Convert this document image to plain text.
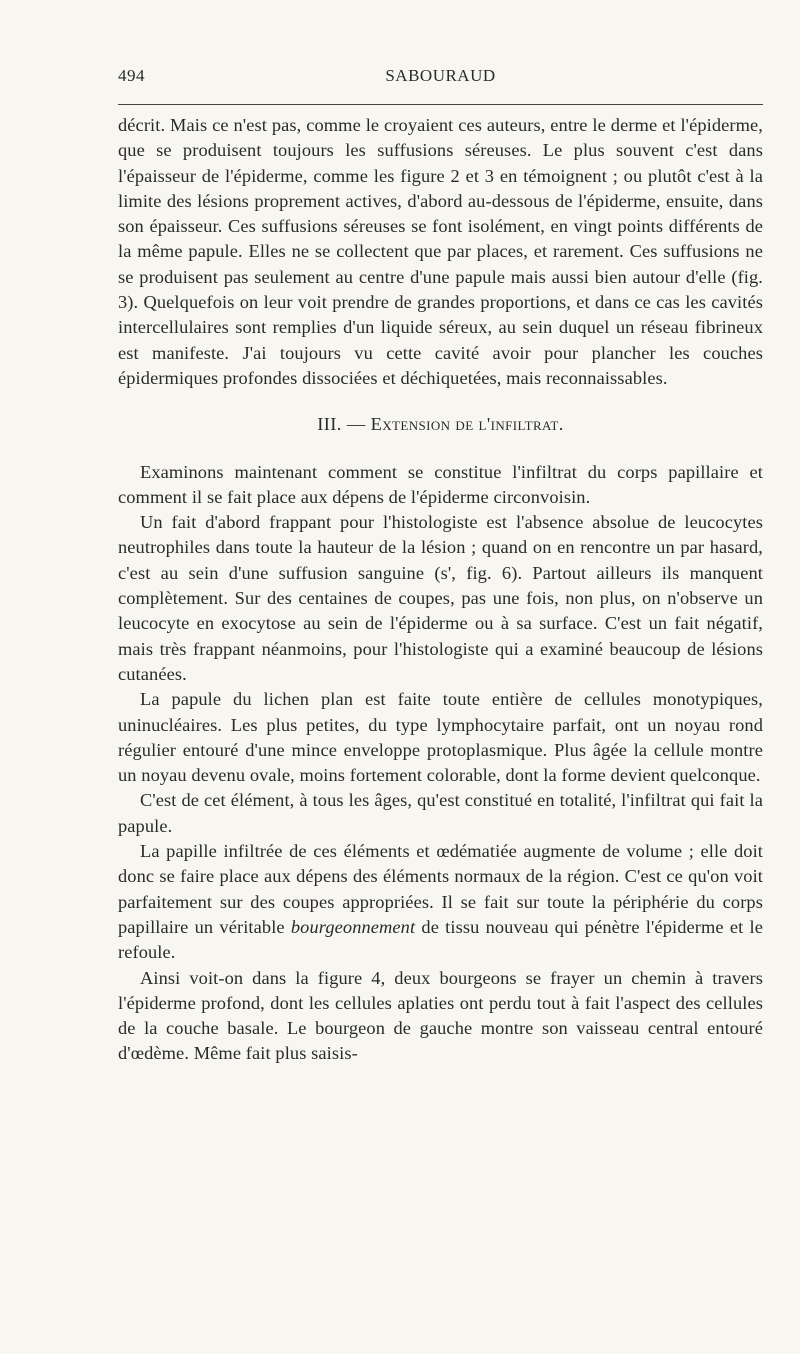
494	SABOURAUD

décrit. Mais ce n'est pas, comme le croyaient ces auteurs, entre le derme et l'épiderme, que se produisent toujours les suffusions séreuses. Le plus souvent c'est dans l'épaisseur de l'épiderme, comme les figure 2 et 3 en témoignent ; ou plutôt c'est à la limite des lésions proprement actives, d'abord au-dessous de l'épiderme, ensuite, dans son épaisseur. Ces suffusions séreuses se font isolément, en vingt points différents de la même papule. Elles ne se collectent que par places, et rarement. Ces suffusions ne se produisent pas seulement au centre d'une papule mais aussi bien autour d'elle (fig. 3). Quelquefois on leur voit prendre de grandes proportions, et dans ce cas les cavités intercellulaires sont remplies d'un liquide séreux, au sein duquel un réseau fibrineux est manifeste. J'ai toujours vu cette cavité avoir pour plancher les couches épidermiques profondes dissociées et déchiquetées, mais reconnaissables.

III. — Extension de l'infiltrat.

Examinons maintenant comment se constitue l'infiltrat du corps papillaire et comment il se fait place aux dépens de l'épiderme circonvoisin.

Un fait d'abord frappant pour l'histologiste est l'absence absolue de leucocytes neutrophiles dans toute la hauteur de la lésion ; quand on en rencontre un par hasard, c'est au sein d'une suffusion sanguine (s', fig. 6). Partout ailleurs ils manquent complètement. Sur des centaines de coupes, pas une fois, non plus, on n'observe un leucocyte en exocytose au sein de l'épiderme ou à sa surface. C'est un fait négatif, mais très frappant néanmoins, pour l'histologiste qui a examiné beaucoup de lésions cutanées.

La papule du lichen plan est faite toute entière de cellules monotypiques, uninucléaires. Les plus petites, du type lymphocytaire parfait, ont un noyau rond régulier entouré d'une mince enveloppe protoplasmique. Plus âgée la cellule montre un noyau devenu ovale, moins fortement colorable, dont la forme devient quelconque.

C'est de cet élément, à tous les âges, qu'est constitué en totalité, l'infiltrat qui fait la papule.

La papille infiltrée de ces éléments et œdématiée augmente de volume ; elle doit donc se faire place aux dépens des éléments normaux de la région. C'est ce qu'on voit parfaitement sur des coupes appropriées. Il se fait sur toute la périphérie du corps papillaire un véritable bourgeonnement de tissu nouveau qui pénètre l'épiderme et le refoule.

Ainsi voit-on dans la figure 4, deux bourgeons se frayer un chemin à travers l'épiderme profond, dont les cellules aplaties ont perdu tout à fait l'aspect des cellules de la couche basale. Le bourgeon de gauche montre son vaisseau central entouré d'œdème. Même fait plus saisis-
